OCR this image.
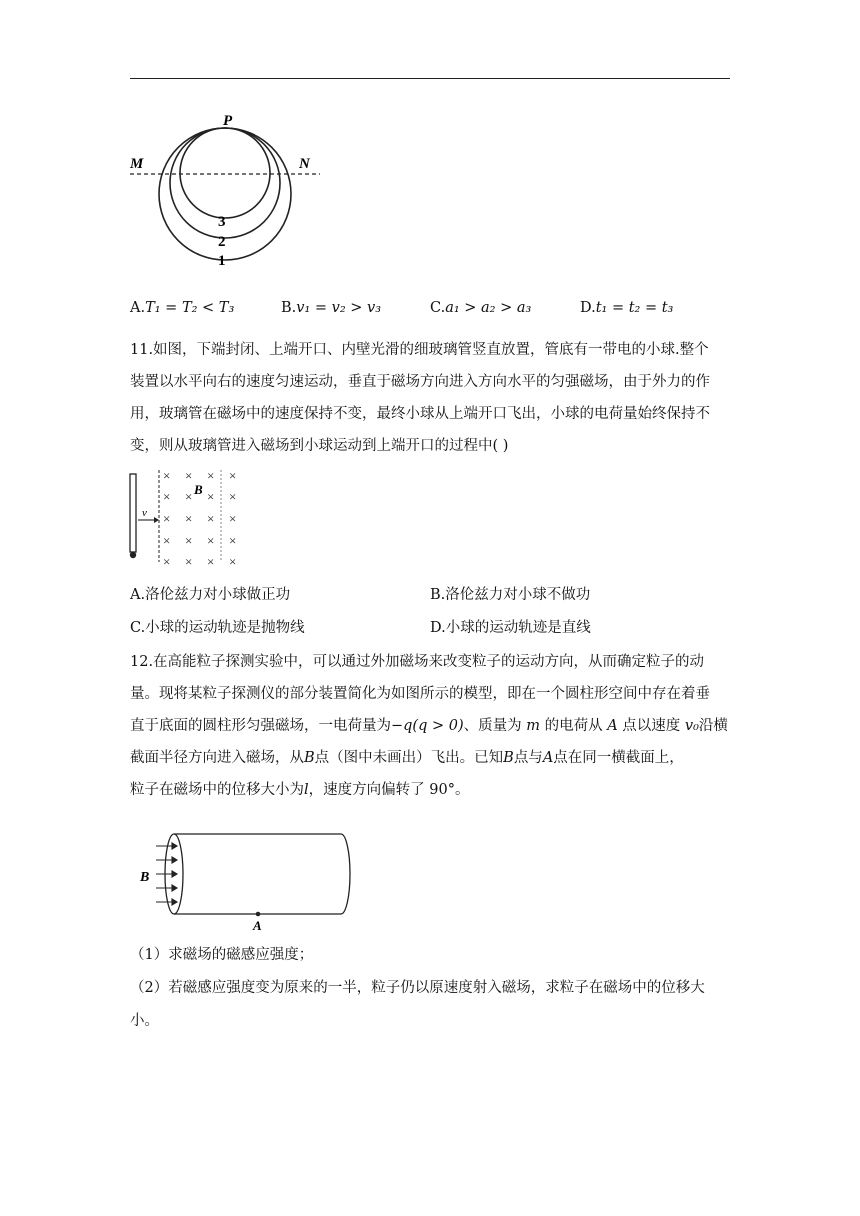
P
M	N
3
2
1
A.T₁ = T₂ < T₃	B.v₁ = v₂ > v₃	C.a₁ > a₂ > a₃	D.t₁ = t₂ = t₃
11.如图，下端封闭、上端开口、内壁光滑的细玻璃管竖直放置，管底有一带电的小球.整个
装置以水平向右的速度匀速运动，垂直于磁场方向进入方向水平的匀强磁场，由于外力的作
用，玻璃管在磁场中的速度保持不变，最终小球从上端开口飞出，小球的电荷量始终保持不
变，则从玻璃管进入磁场到小球运动到上端开口的过程中( )
v
B
× × × ×
× × × ×
× × × ×
× × × ×
× × × ×
A.洛伦兹力对小球做正功	B.洛伦兹力对小球不做功
C.小球的运动轨迹是抛物线	D.小球的运动轨迹是直线
12.在高能粒子探测实验中，可以通过外加磁场来改变粒子的运动方向，从而确定粒子的动
量。现将某粒子探测仪的部分装置简化为如图所示的模型，即在一个圆柱形空间中存在着垂
直于底面的圆柱形匀强磁场，一电荷量为−q(q > 0)、质量为 m 的电荷从 A 点以速度 v₀沿横
截面半径方向进入磁场，从B点（图中未画出）飞出。已知B点与A点在同一横截面上，
粒子在磁场中的位移大小为l，速度方向偏转了 90°。
B
A
（1）求磁场的磁感应强度；
（2）若磁感应强度变为原来的一半，粒子仍以原速度射入磁场，求粒子在磁场中的位移大
小。
